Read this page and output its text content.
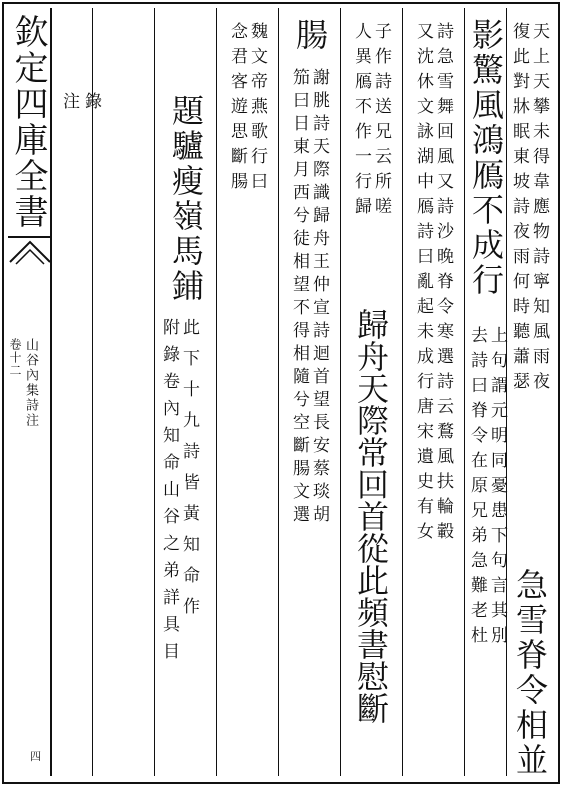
欽定四庫全書
山谷內集詩注
卷十二
四
天上天攀未得韋應物詩寧知風雨夜
復此對牀眠東坡詩夜雨何時聽蕭瑟
急雪脊令相並
影驚風鴻鴈不成行
上句謂元明同憂患下句言其別
去詩曰脊令在原兄弟急難老杜
詩急雪舞回風又詩沙晚脊令寒選詩云鶩風扶輪轂
又沈休文詠湖中鴈詩曰亂起未成行唐宋遺史有女
子作詩送兄云所嗟
人異鴈不作一行歸
歸舟天際常回首從此頻書慰斷
腸
謝朓詩天際識歸舟王仲宣詩迴首望長安蔡琰胡
笳曰日東月西兮徒相望不得相隨兮空斷腸文選
魏文帝燕歌行曰
念君客遊思斷腸
題驢瘦嶺馬鋪
此下十九詩皆黃知命作
附錄卷內知命山谷之弟詳具目
錄
注
